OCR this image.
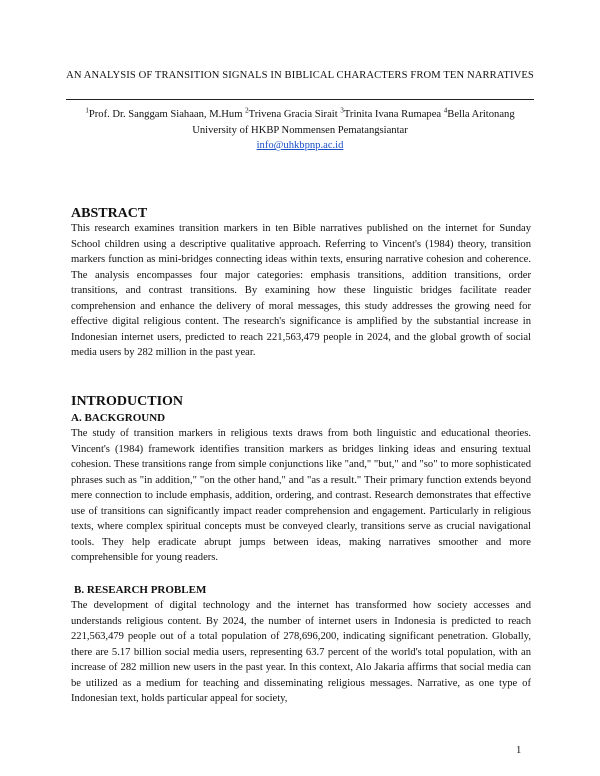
AN ANALYSIS OF TRANSITION SIGNALS IN BIBLICAL CHARACTERS FROM TEN NARRATIVES
$^1$Prof. Dr. Sanggam Siahaan, M.Hum $^2$Trivena Gracia Sirait $^3$Trinita Ivana Rumapea $^4$Bella Aritonang
University of HKBP Nommensen Pematangsiantar
info@uhkbpnp.ac.id
ABSTRACT
This research examines transition markers in ten Bible narratives published on the internet for Sunday School children using a descriptive qualitative approach. Referring to Vincent's (1984) theory, transition markers function as mini-bridges connecting ideas within texts, ensuring narrative cohesion and coherence. The analysis encompasses four major categories: emphasis transitions, addition transitions, order transitions, and contrast transitions. By examining how these linguistic bridges facilitate reader comprehension and enhance the delivery of moral messages, this study addresses the growing need for effective digital religious content. The research's significance is amplified by the substantial increase in Indonesian internet users, predicted to reach 221,563,479 people in 2024, and the global growth of social media users by 282 million in the past year.
INTRODUCTION
A. BACKGROUND
The study of transition markers in religious texts draws from both linguistic and educational theories. Vincent's (1984) framework identifies transition markers as bridges linking ideas and ensuring textual cohesion. These transitions range from simple conjunctions like "and," "but," and "so" to more sophisticated phrases such as "in addition," "on the other hand," and "as a result." Their primary function extends beyond mere connection to include emphasis, addition, ordering, and contrast. Research demonstrates that effective use of transitions can significantly impact reader comprehension and engagement. Particularly in religious texts, where complex spiritual concepts must be conveyed clearly, transitions serve as crucial navigational tools. They help eradicate abrupt jumps between ideas, making narratives smoother and more comprehensible for young readers.
B. RESEARCH PROBLEM
The development of digital technology and the internet has transformed how society accesses and understands religious content. By 2024, the number of internet users in Indonesia is predicted to reach 221,563,479 people out of a total population of 278,696,200, indicating significant penetration. Globally, there are 5.17 billion social media users, representing 63.7 percent of the world's total population, with an increase of 282 million new users in the past year. In this context, Alo Jakaria affirms that social media can be utilized as a medium for teaching and disseminating religious messages. Narrative, as one type of Indonesian text, holds particular appeal for society,
1
